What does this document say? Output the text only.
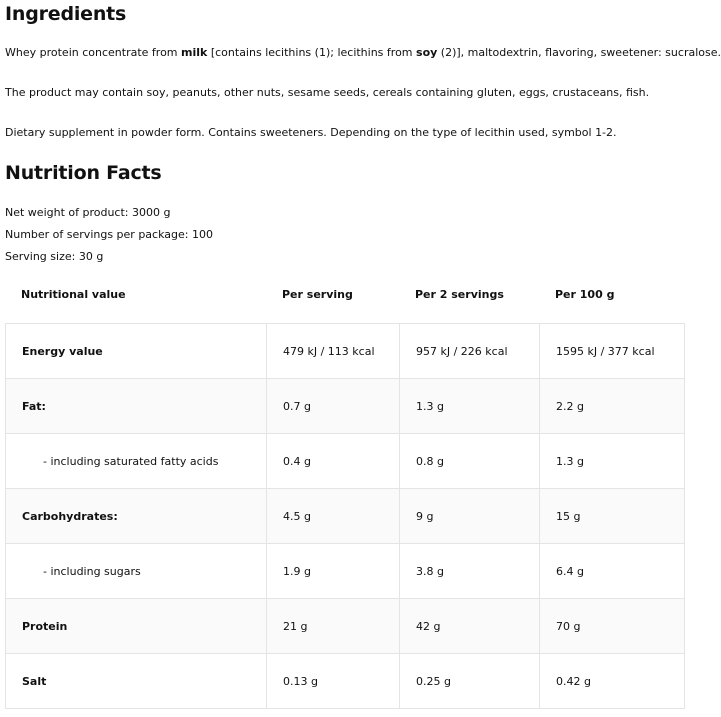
Ingredients

Whey protein concentrate from milk [contains lecithins (1); lecithins from soy (2)], maltodextrin, flavoring, sweetener: sucralose.

The product may contain soy, peanuts, other nuts, sesame seeds, cereals containing gluten, eggs, crustaceans, fish.

Dietary supplement in powder form. Contains sweeteners. Depending on the type of lecithin used, symbol 1-2.

Nutrition Facts

Net weight of product: 3000 g

Number of servings per package: 100

Serving size: 30 g

Nutritional value	Per serving	Per 2 servings	Per 100 g
Energy value	479 kJ / 113 kcal	957 kJ / 226 kcal	1595 kJ / 377 kcal
Fat:	0.7 g	1.3 g	2.2 g
- including saturated fatty acids	0.4 g	0.8 g	1.3 g
Carbohydrates:	4.5 g	9 g	15 g
- including sugars	1.9 g	3.8 g	6.4 g
Protein	21 g	42 g	70 g
Salt	0.13 g	0.25 g	0.42 g
